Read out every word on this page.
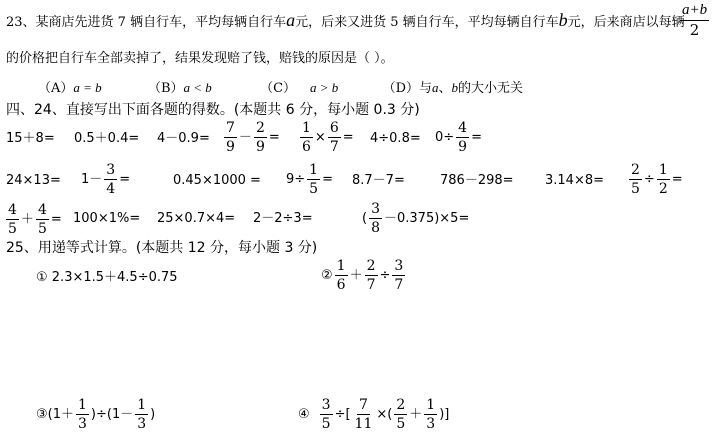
23、某商店先进货 7 辆自行车，平均每辆自行车a元，后来又进货 5 辆自行车，平均每辆自行车b元，后来商店以每辆
$\frac{a+b}{2}$
的价格把自行车全部卖掉了，结果发现赔了钱，赔钱的原因是（ ）。
（A）a = b	（B）a < b	（C） a > b	（D）与a、b的大小无关
四、24、直接写出下面各题的得数。(本题共 6 分，每小题 0.3 分)
$15+8= 0.5+0.4= 4-0.9= \frac{7}{9} - \frac{2}{9} = \frac{1}{6} \times \frac{6}{7} = 4\div 0.8= 0\div \frac{4}{9}$ =
$24\times 13= 1- \frac{3}{4}$ =	$0.45\times 1000 = 9\div \frac{1}{5} = 8.7-7=$	$786-298= 3.14\times 8= \frac{2}{5} \div \frac{1}{2}$ =
$\frac{4}{5} + \frac{4}{5} = 100\times 1\%= 25\times 0.7\times 4= 2-2\div 3=$	( $\frac{3}{8} -0.375)\times 5=$
25、用递等式计算。(本题共 12 分，每小题 3 分)
① 2.3×1.5＋4.5÷0.75	② $\frac{1}{6} + \frac{2}{7} \div \frac{3}{7}$
③(1＋ $\frac{1}{3} )\div(1- \frac{1}{3}$ )	④ $\frac{3}{5}$ ÷[ $\frac{7}{11}$ ×( $\frac{2}{5} + \frac{1}{3}$ )]
